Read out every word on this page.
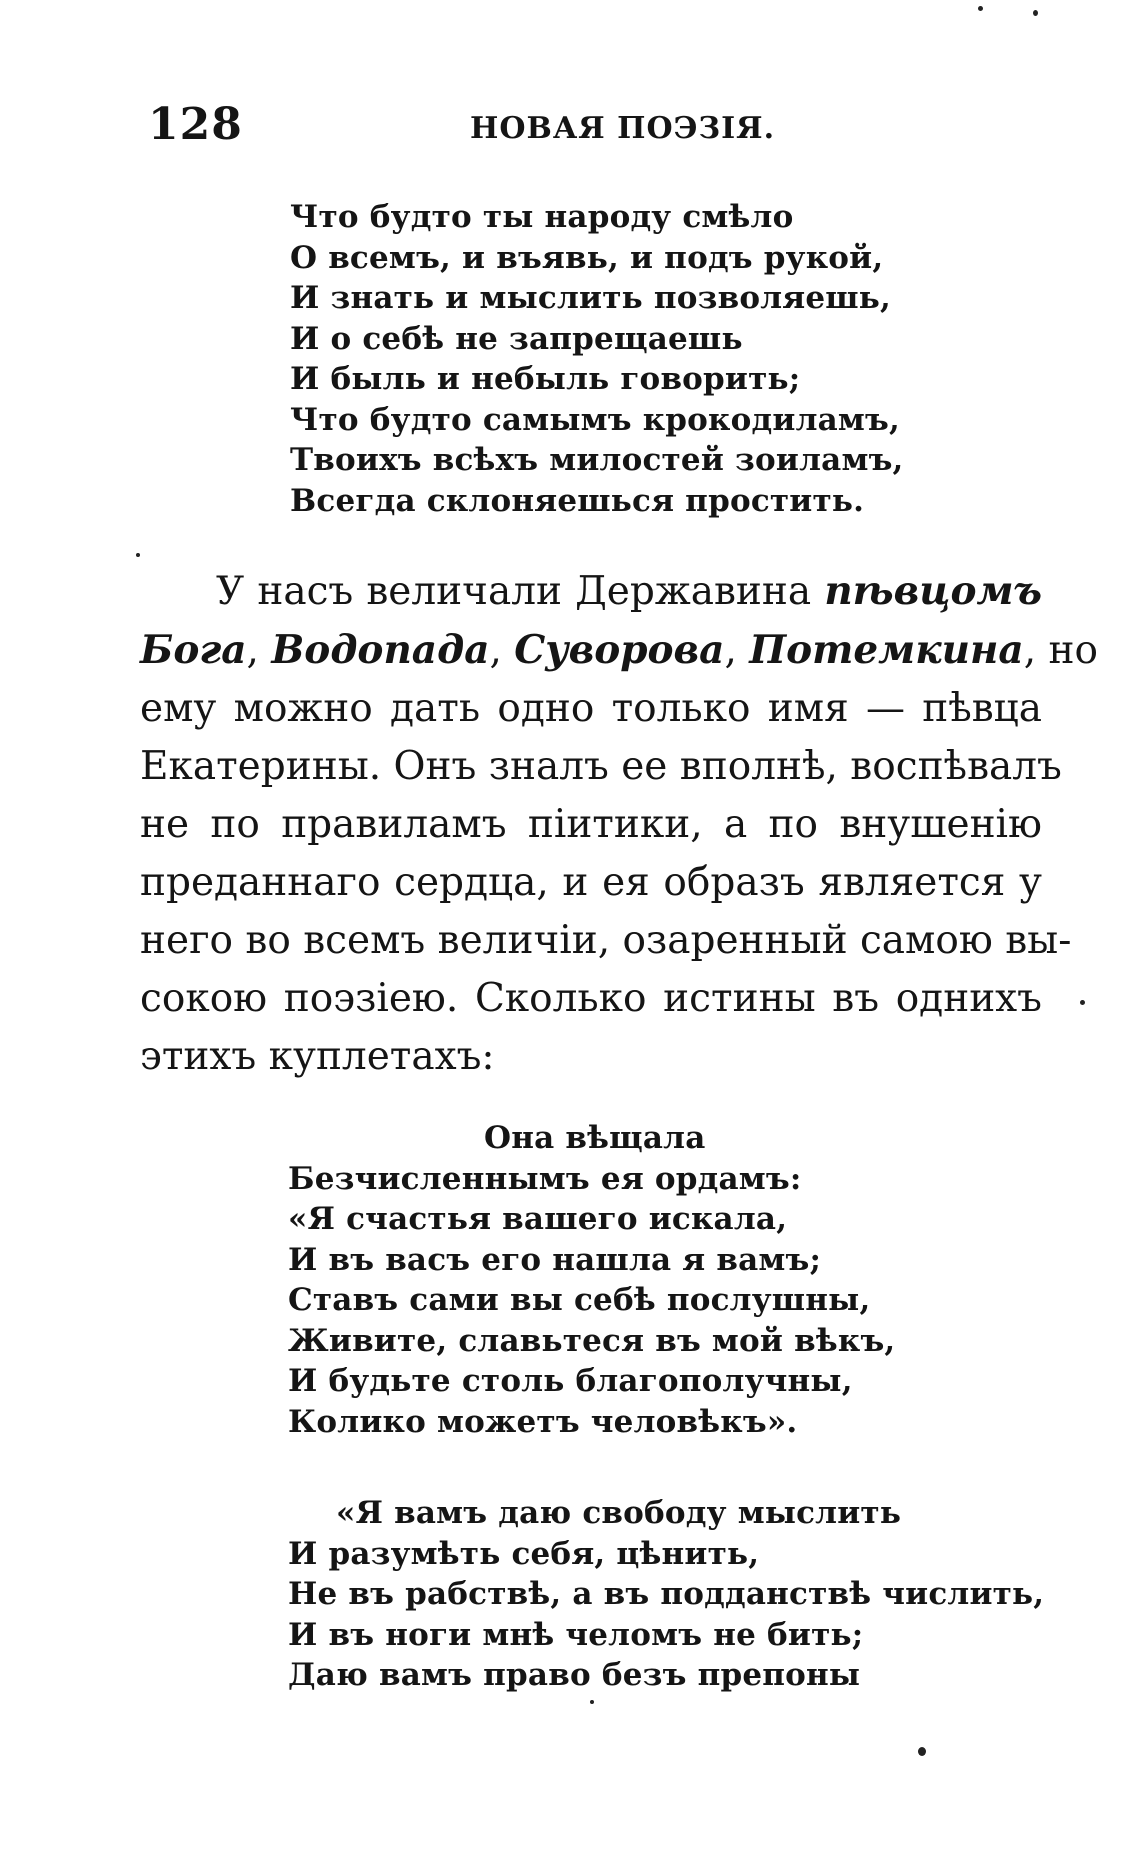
128	НОВАЯ ПОЭЗІЯ.
Что будто ты народу смѣло
О всемъ, и въявь, и подъ рукой,
И знать и мыслить позволяешь,
И о себѣ не запрещаешь
И быль и небыль говорить;
Что будто самымъ крокодиламъ,
Твоихъ всѣхъ милостей зоиламъ,
Всегда склоняешься простить.
У насъ величали Державина пѣвцомъ
Бога, Водопада, Суворова, Потемкина, но
ему можно дать одно только имя — пѣвца
Екатерины. Онъ зналъ ее вполнѣ, воспѣвалъ
не по правиламъ піитики, а по внушенію
преданнаго сердца, и ея образъ является у
него во всемъ величіи, озаренный самою вы-
сокою поэзіею. Сколько истины въ однихъ
этихъ куплетахъ:
Она вѣщала
Безчисленнымъ ея ордамъ:
«Я счастья вашего искала,
И въ васъ его нашла я вамъ;
Ставъ сами вы себѣ послушны,
Живите, славьтеся въ мой вѣкъ,
И будьте столь благополучны,
Колико можетъ человѣкъ».
«Я вамъ даю свободу мыслить
И разумѣть себя, цѣнить,
Не въ рабствѣ, а въ подданствѣ числить,
И въ ноги мнѣ челомъ не бить;
Даю вамъ право безъ препоны
